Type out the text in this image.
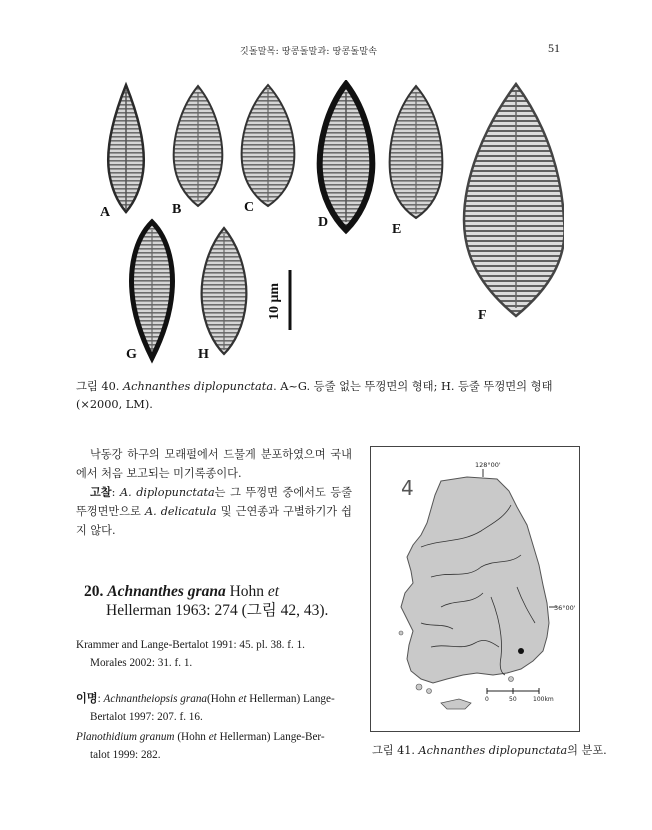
깃돌말목: 땅콩돌말과: 땅콩돌말속	51
10 μm
A	B	C
D	E
F
G	H
그림 40. Achnanthes diplopunctata. A~G. 등줄 없는 뚜껑면의 형태; H. 등줄 뚜껑면의 형태(×2000, LM).

낙동강 하구의 모래펄에서 드물게 분포하였으며 국내에서 처음 보고되는 미기록종이다.

고찰: A. diplopunctata는 그 뚜껑면 중에서도 등줄 뚜껑면만으로 A. delicatula 및 근연종과 구별하기가 쉽지 않다.

128°00'
4
36°00'
0	50	100km
그림 41. Achnanthes diplopunctata의 분포.
20. Achnanthes grana Hohn et
Hellerman 1963: 274 (그림 42, 43).
Krammer and Lange-Bertalot 1991: 45. pl. 38. f. 1.
Morales 2002: 31. f. 1.
이명: Achnantheiopsis grana(Hohn et Hellerman) Lange-
Bertalot 1997: 207. f. 16.
Planothidium granum (Hohn et Hellerman) Lange-Ber-
talot 1999: 282.
